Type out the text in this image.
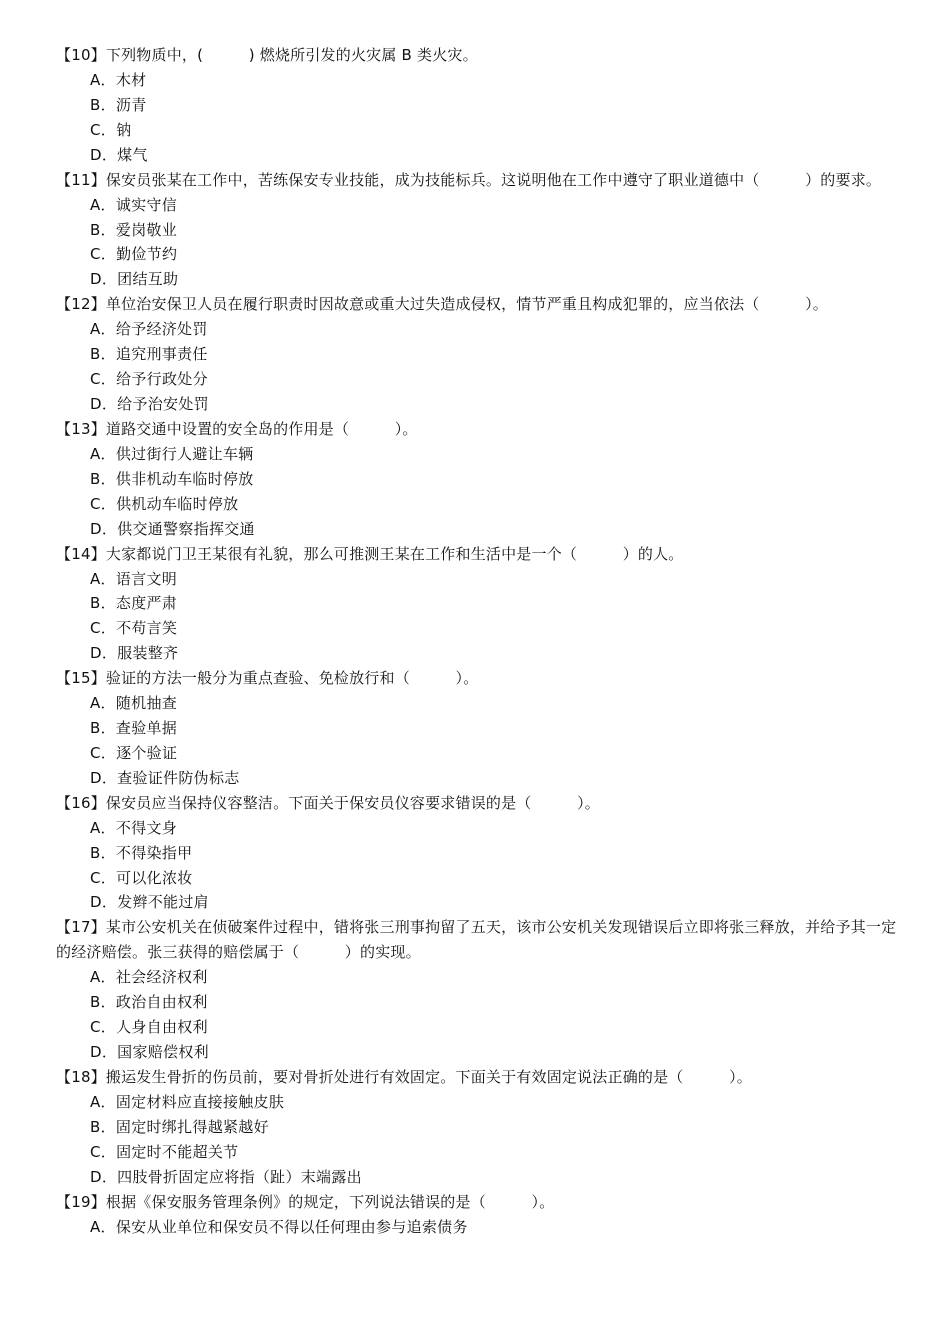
【10】下列物质中，(　　　) 燃烧所引发的火灾属 B 类火灾。
A．木材
B．沥青
C．钠
D．煤气
【11】保安员张某在工作中，苦练保安专业技能，成为技能标兵。这说明他在工作中遵守了职业道德中（　　　）的要求。
A．诚实守信
B．爱岗敬业
C．勤俭节约
D．团结互助
【12】单位治安保卫人员在履行职责时因故意或重大过失造成侵权，情节严重且构成犯罪的，应当依法（　　　）。
A．给予经济处罚
B．追究刑事责任
C．给予行政处分
D．给予治安处罚
【13】道路交通中设置的安全岛的作用是（　　　）。
A．供过街行人避让车辆
B．供非机动车临时停放
C．供机动车临时停放
D．供交通警察指挥交通
【14】大家都说门卫王某很有礼貌，那么可推测王某在工作和生活中是一个（　　　）的人。
A．语言文明
B．态度严肃
C．不苟言笑
D．服装整齐
【15】验证的方法一般分为重点查验、免检放行和（　　　）。
A．随机抽查
B．查验单据
C．逐个验证
D．查验证件防伪标志
【16】保安员应当保持仪容整洁。下面关于保安员仪容要求错误的是（　　　）。
A．不得文身
B．不得染指甲
C．可以化浓妆
D．发辫不能过肩
【17】某市公安机关在侦破案件过程中，错将张三刑事拘留了五天，该市公安机关发现错误后立即将张三释放，并给予其一定的经济赔偿。张三获得的赔偿属于（　　　）的实现。
A．社会经济权利
B．政治自由权利
C．人身自由权利
D．国家赔偿权利
【18】搬运发生骨折的伤员前，要对骨折处进行有效固定。下面关于有效固定说法正确的是（　　　）。
A．固定材料应直接接触皮肤
B．固定时绑扎得越紧越好
C．固定时不能超关节
D．四肢骨折固定应将指（趾）末端露出
【19】根据《保安服务管理条例》的规定，下列说法错误的是（　　　）。
A．保安从业单位和保安员不得以任何理由参与追索债务
